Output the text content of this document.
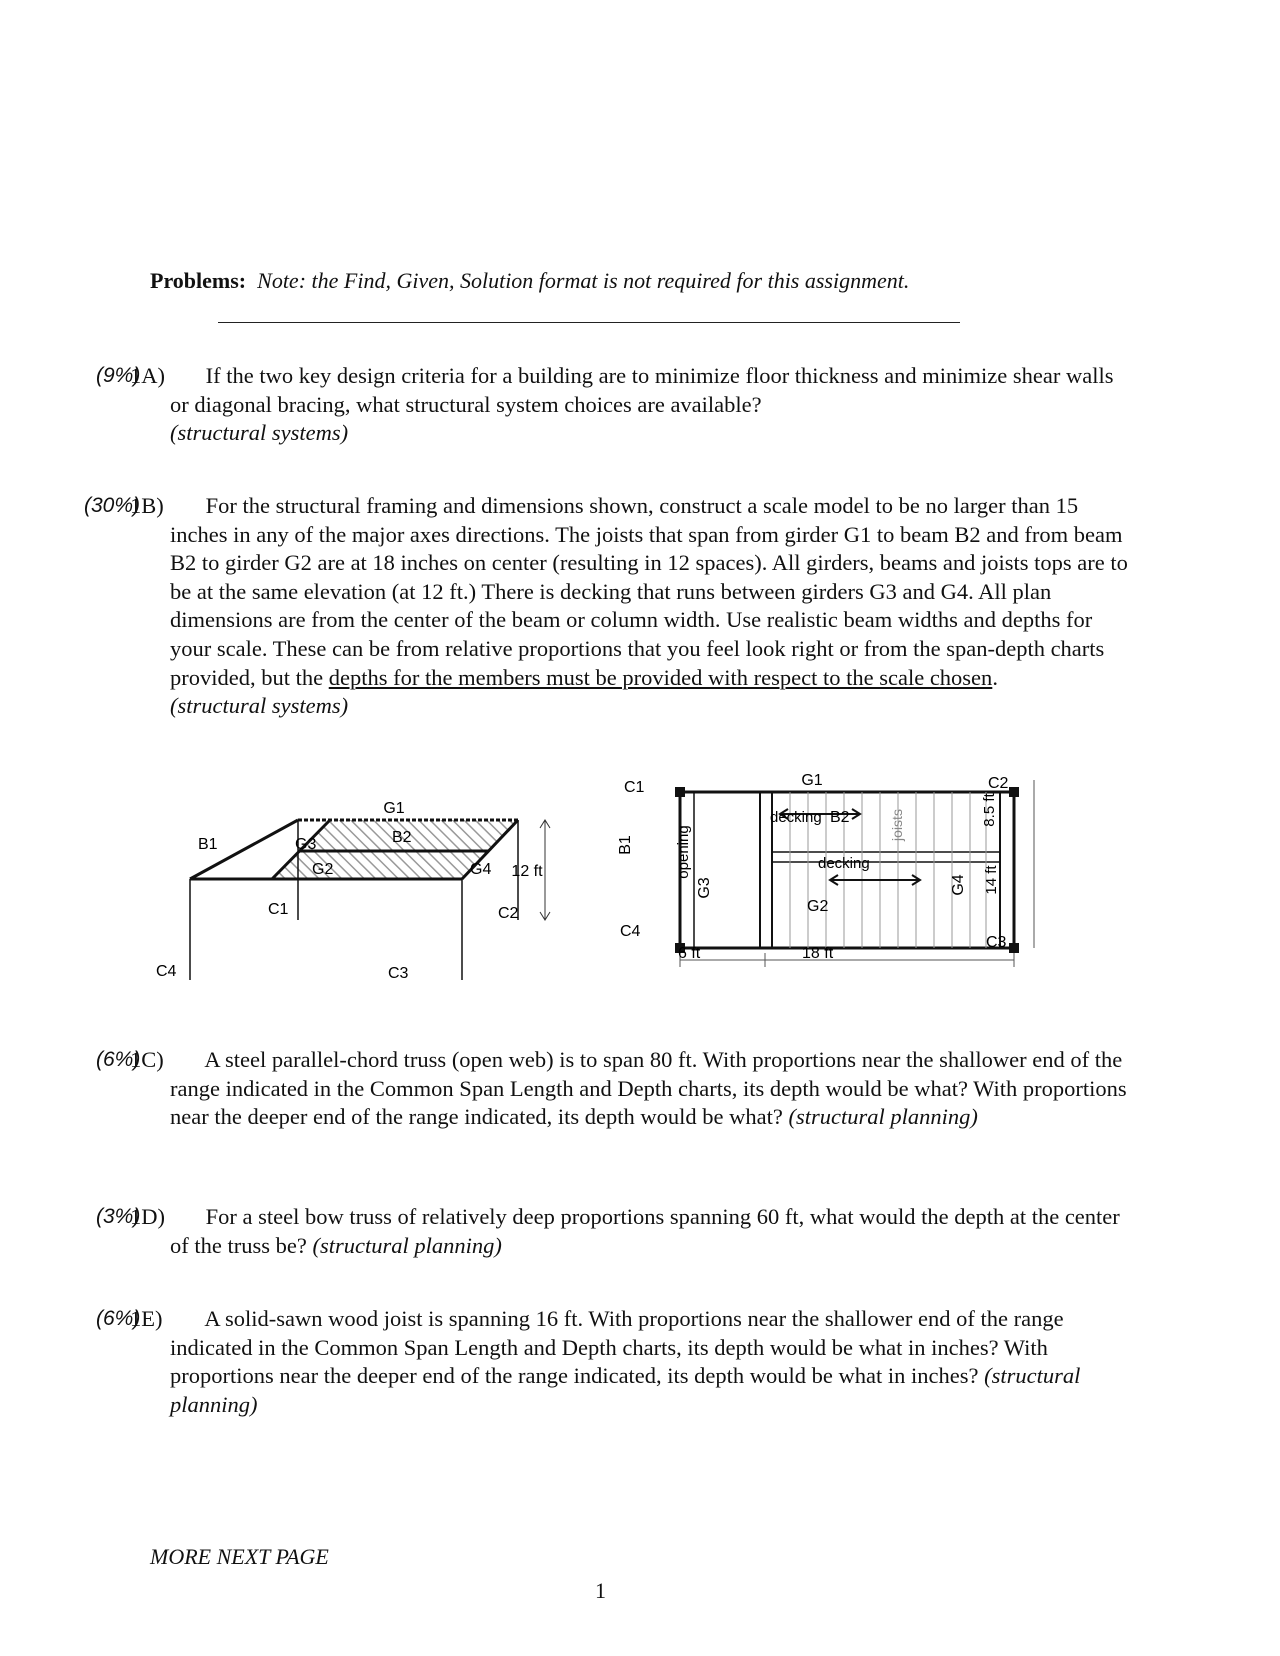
Problems: Note: the Find, Given, Solution format is not required for this assignment.
(9%)
1A) If the two key design criteria for a building are to minimize floor thickness and minimize shear walls or diagonal bracing, what structural system choices are available?
(structural systems)
(30%)
1B) For the structural framing and dimensions shown, construct a scale model to be no larger than 15 inches in any of the major axes directions. The joists that span from girder G1 to beam B2 and from beam B2 to girder G2 are at 18 inches on center (resulting in 12 spaces). All girders, beams and joists tops are to be at the same elevation (at 12 ft.) There is decking that runs between girders G3 and G4. All plan dimensions are from the center of the beam or column width. Use realistic beam widths and depths for your scale. These can be from relative proportions that you feel look right or from the span-depth charts provided, but the depths for the members must be provided with respect to the scale chosen.
(structural systems)
G1
B1	G3	B2
G2	G4 12 ft
C1	C2
C4	C3
C1	G1	C2
decking B2	joists	8.5 ft
B1	opening	decking
G4 14 ft
G3
G2
C4
C3
6 ft	18 ft
(6%)
1C) A steel parallel-chord truss (open web) is to span 80 ft. With proportions near the shallower end of the range indicated in the Common Span Length and Depth charts, its depth would be what? With proportions near the deeper end of the range indicated, its depth would be what? (structural planning)
(3%)
1D) For a steel bow truss of relatively deep proportions spanning 60 ft, what would the depth at the center of the truss be? (structural planning)
(6%)
1E) A solid-sawn wood joist is spanning 16 ft. With proportions near the shallower end of the range indicated in the Common Span Length and Depth charts, its depth would be what in inches? With proportions near the deeper end of the range indicated, its depth would be what in inches? (structural planning)
MORE NEXT PAGE
1
